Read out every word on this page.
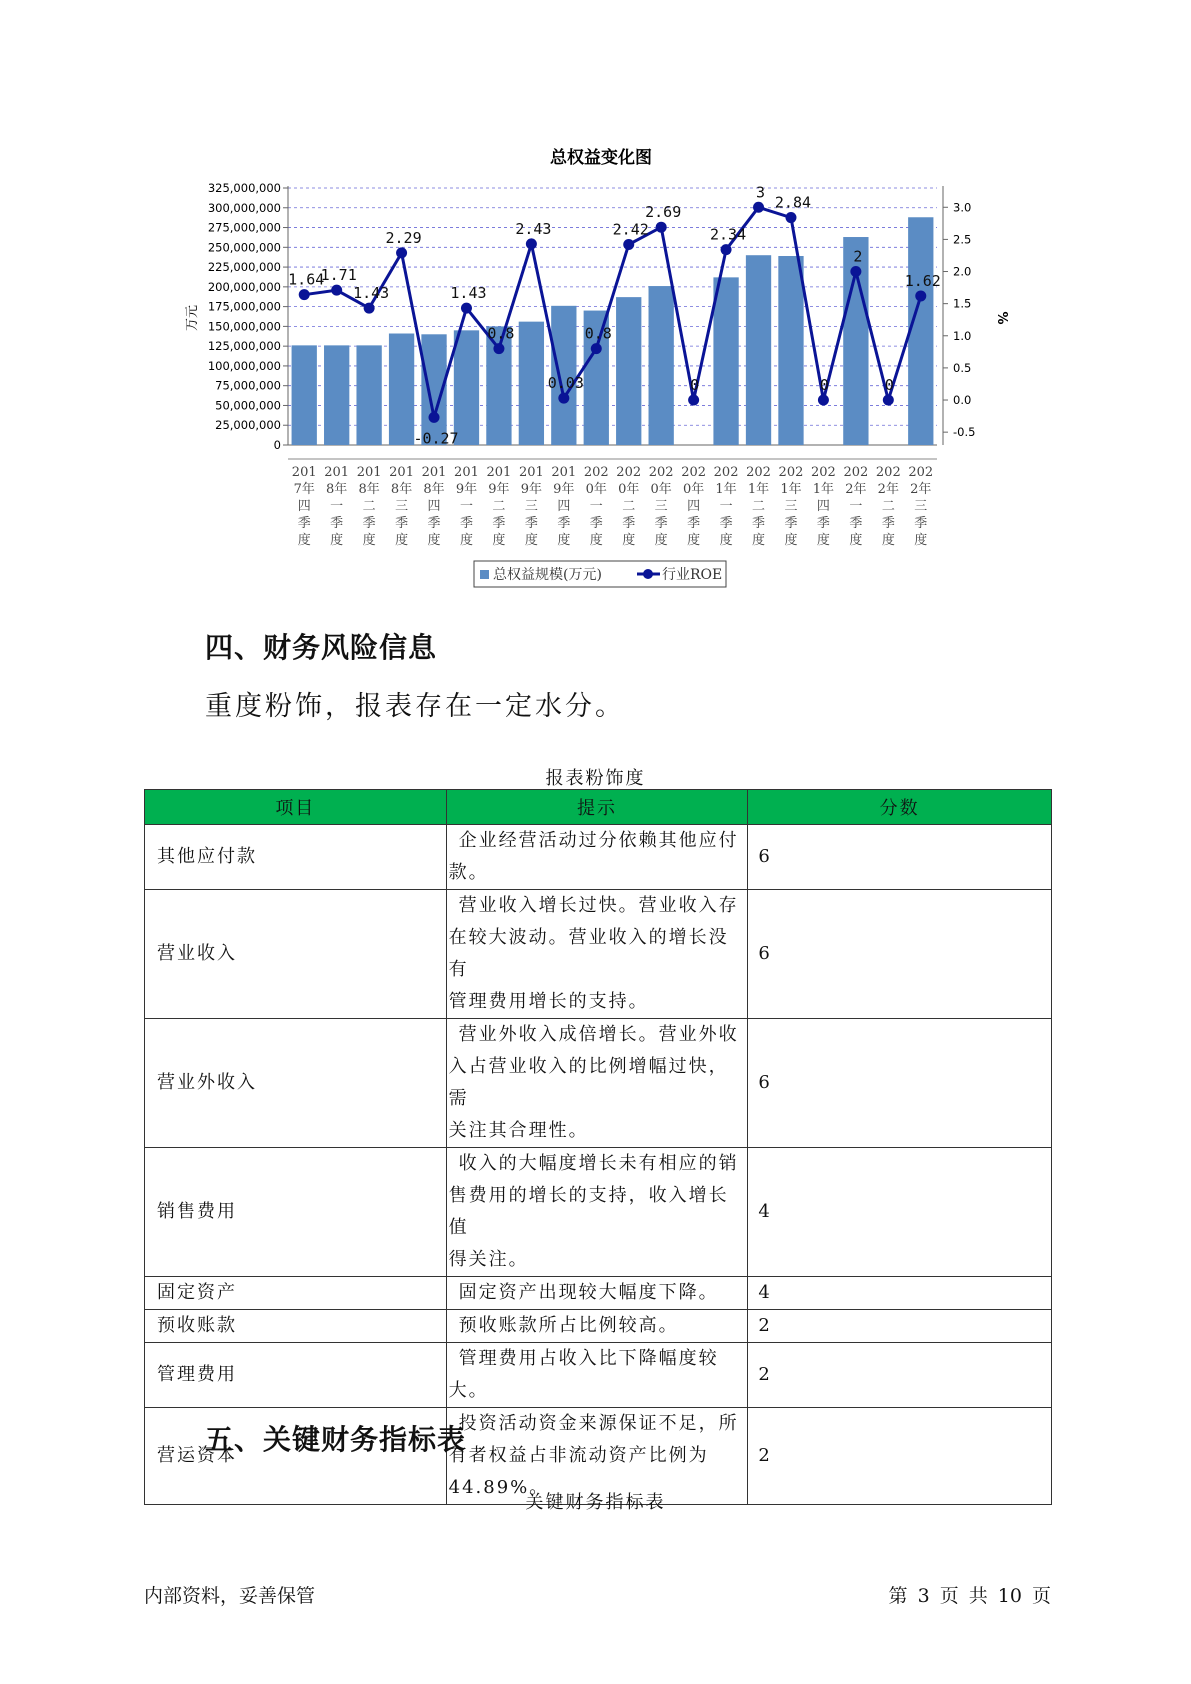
总权益变化图
325,000,000
300,000,000
275,000,000
250,000,000
225,000,000
200,000,000
175,000,000
150,000,000
125,000,000
100,000,000
75,000,000
50,000,000
25,000,000
0
3.0
2.5
2.0
1.5
1.0
0.5
0.0
-0.5
万元	%
201
7年
四
季
度
201
8年
一
季
度
201
8年
二
季
度
201
8年
三
季
度
201
8年
四
季
度
201
9年
一
季
度
201
9年
二
季
度
201
9年
三
季
度
201
9年
四
季
度
202
0年
一
季
度
202
0年
二
季
度
202
0年
三
季
度
202
0年
四
季
度
202
1年
一
季
度
202
1年
二
季
度
202
1年
三
季
度
202
1年
四
季
度
202
2年
一
季
度
202
2年
二
季
度
202
2年
三
季
度
1.64
1.71
1.43
2.29
-0.27
1.43
0.8
2.43
0.03
0.8
2.42
2.69
0
2.34
3
2.84
0
2
0
1.62
总权益规模(万元)	行业ROE
四、财务风险信息

重度粉饰，报表存在一定水分。

报表粉饰度
项目	提示	分数
其他应付款	企业经营活动过分依赖其他应付
款。	6
营业收入	营业收入增长过快。营业收入存
在较大波动。营业收入的增长没有
管理费用增长的支持。	6
营业外收入	营业外收入成倍增长。营业外收
入占营业收入的比例增幅过快，需
关注其合理性。	6
销售费用	收入的大幅度增长未有相应的销
售费用的增长的支持，收入增长值
得关注。	4
固定资产	固定资产出现较大幅度下降。	4
预收账款	预收账款所占比例较高。	2
管理费用	管理费用占收入比下降幅度较大。	2
营运资本	投资活动资金来源保证不足，所
有者权益占非流动资产比例为
44.89%。	2
五、关键财务指标表
关键财务指标表
内部资料，妥善保管	第 3 页 共 10 页
